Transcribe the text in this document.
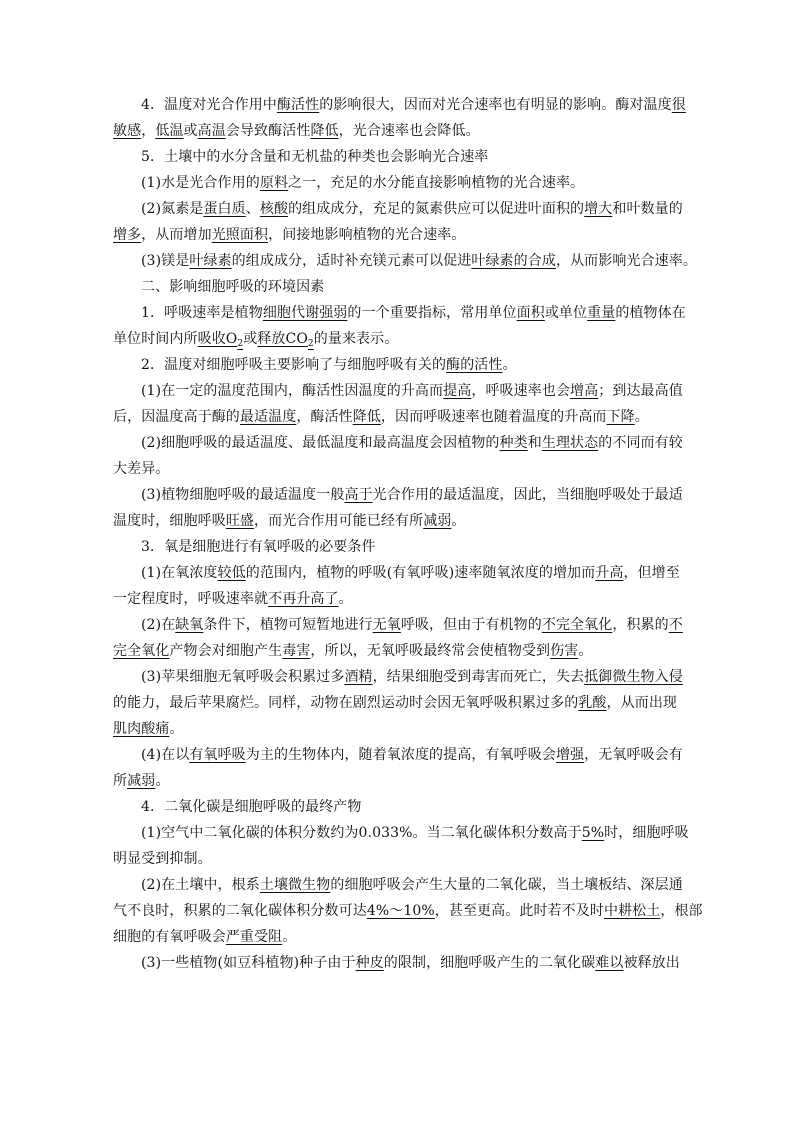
4．温度对光合作用中酶活性的影响很大，因而对光合速率也有明显的影响。酶对温度很
敏感，低温或高温会导致酶活性降低，光合速率也会降低。
5．土壤中的水分含量和无机盐的种类也会影响光合速率
(1)水是光合作用的原料之一，充足的水分能直接影响植物的光合速率。
(2)氮素是蛋白质、核酸的组成成分，充足的氮素供应可以促进叶面积的增大和叶数量的
增多，从而增加光照面积，间接地影响植物的光合速率。
(3)镁是叶绿素的组成成分，适时补充镁元素可以促进叶绿素的合成，从而影响光合速率。
二、影响细胞呼吸的环境因素
1．呼吸速率是植物细胞代谢强弱的一个重要指标，常用单位面积或单位重量的植物体在
单位时间内所吸收$O_2$或释放$CO_2$的量来表示。
2．温度对细胞呼吸主要影响了与细胞呼吸有关的酶的活性。
(1)在一定的温度范围内，酶活性因温度的升高而提高，呼吸速率也会增高；到达最高值
后，因温度高于酶的最适温度，酶活性降低，因而呼吸速率也随着温度的升高而下降。
(2)细胞呼吸的最适温度、最低温度和最高温度会因植物的种类和生理状态的不同而有较
大差异。
(3)植物细胞呼吸的最适温度一般高于光合作用的最适温度，因此，当细胞呼吸处于最适
温度时，细胞呼吸旺盛，而光合作用可能已经有所减弱。
3．氧是细胞进行有氧呼吸的必要条件
(1)在氧浓度较低的范围内，植物的呼吸(有氧呼吸)速率随氧浓度的增加而升高，但增至
一定程度时，呼吸速率就不再升高了。
(2)在缺氧条件下，植物可短暂地进行无氧呼吸，但由于有机物的不完全氧化，积累的不
完全氧化产物会对细胞产生毒害，所以，无氧呼吸最终常会使植物受到伤害。
(3)苹果细胞无氧呼吸会积累过多酒精，结果细胞受到毒害而死亡，失去抵御微生物入侵
的能力，最后苹果腐烂。同样，动物在剧烈运动时会因无氧呼吸积累过多的乳酸，从而出现
肌肉酸痛。
(4)在以有氧呼吸为主的生物体内，随着氧浓度的提高，有氧呼吸会增强，无氧呼吸会有
所减弱。
4．二氧化碳是细胞呼吸的最终产物
(1)空气中二氧化碳的体积分数约为0.033%。当二氧化碳体积分数高于5%时，细胞呼吸
明显受到抑制。
(2)在土壤中，根系土壤微生物的细胞呼吸会产生大量的二氧化碳，当土壤板结、深层通
气不良时，积累的二氧化碳体积分数可达4%～10%，甚至更高。此时若不及时中耕松土，根部
细胞的有氧呼吸会严重受阻。
(3)一些植物(如豆科植物)种子由于种皮的限制，细胞呼吸产生的二氧化碳难以被释放出
